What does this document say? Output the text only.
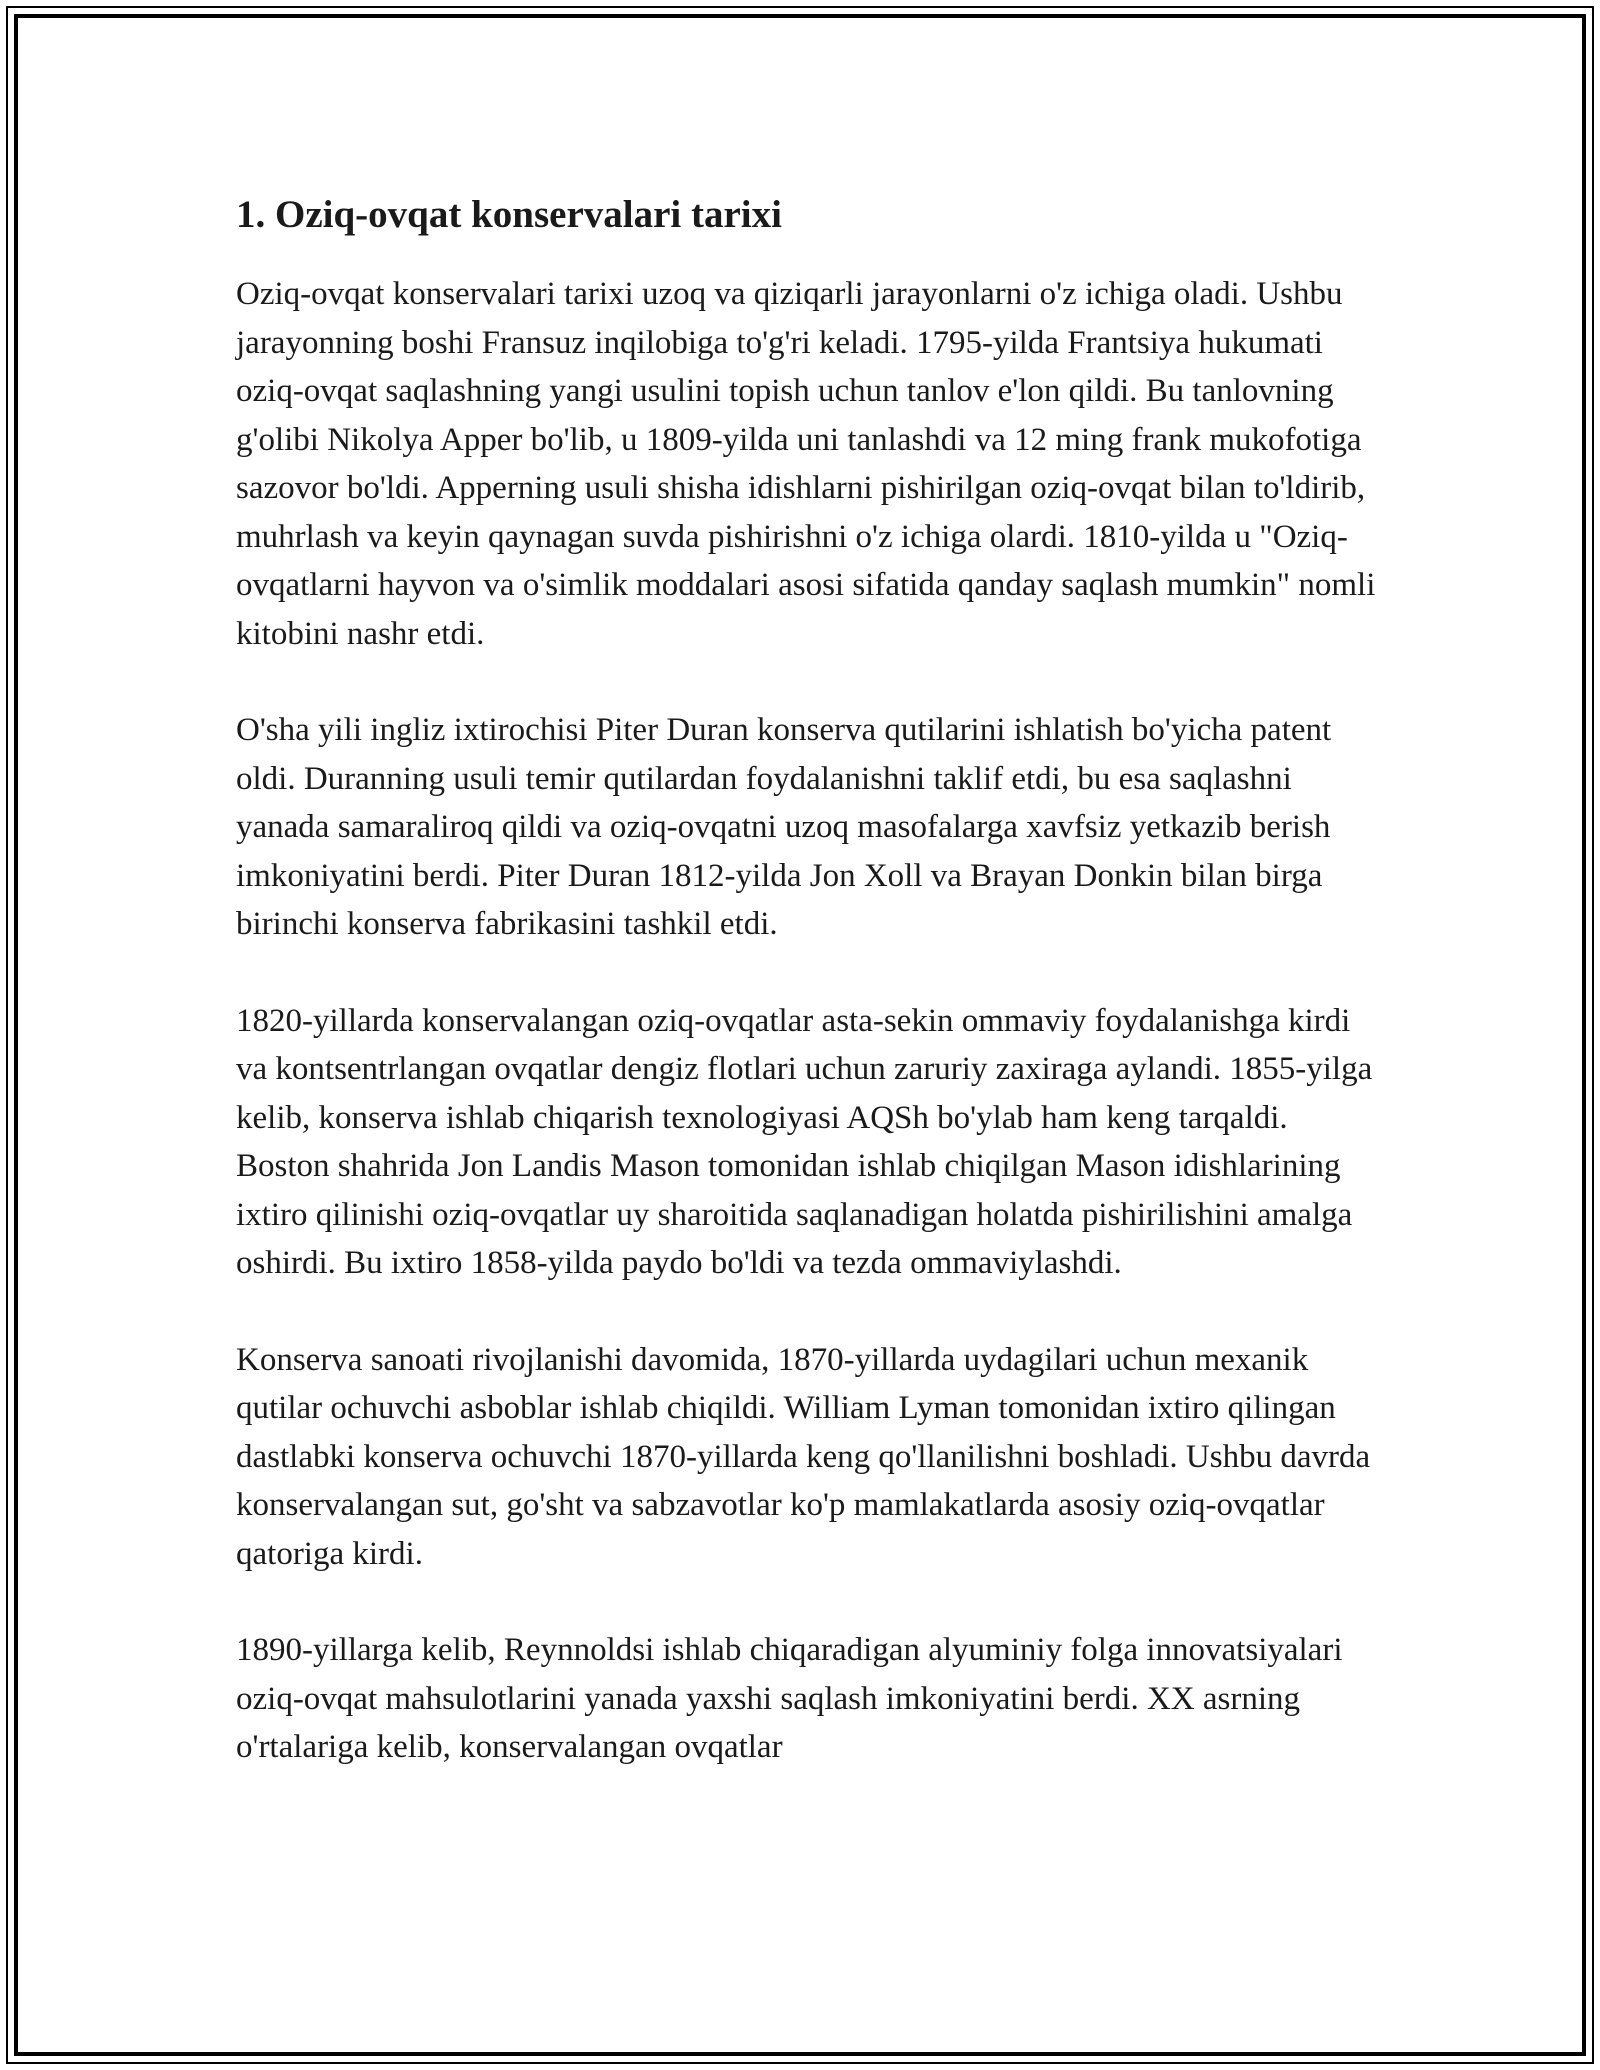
1. Oziq-ovqat konservalari tarixi

Oziq-ovqat konservalari tarixi uzoq va qiziqarli jarayonlarni o'z ichiga oladi. Ushbu jarayonning boshi Fransuz inqilobiga to'g'ri keladi. 1795-yilda Frantsiya hukumati oziq-ovqat saqlashning yangi usulini topish uchun tanlov e'lon qildi. Bu tanlovning g'olibi Nikolya Apper bo'lib, u 1809-yilda uni tanlashdi va 12 ming frank mukofotiga sazovor bo'ldi. Apperning usuli shisha idishlarni pishirilgan oziq-ovqat bilan to'ldirib, muhrlash va keyin qaynagan suvda pishirishni o'z ichiga olardi. 1810-yilda u "Oziq-ovqatlarni hayvon va o'simlik moddalari asosi sifatida qanday saqlash mumkin" nomli kitobini nashr etdi.

O'sha yili ingliz ixtirochisi Piter Duran konserva qutilarini ishlatish bo'yicha patent oldi. Duranning usuli temir qutilardan foydalanishni taklif etdi, bu esa saqlashni yanada samaraliroq qildi va oziq-ovqatni uzoq masofalarga xavfsiz yetkazib berish imkoniyatini berdi. Piter Duran 1812-yilda Jon Xoll va Brayan Donkin bilan birga birinchi konserva fabrikasini tashkil etdi.

1820-yillarda konservalangan oziq-ovqatlar asta-sekin ommaviy foydalanishga kirdi va kontsentrlangan ovqatlar dengiz flotlari uchun zaruriy zaxiraga aylandi. 1855-yilga kelib, konserva ishlab chiqarish texnologiyasi AQSh bo'ylab ham keng tarqaldi. Boston shahrida Jon Landis Mason tomonidan ishlab chiqilgan Mason idishlarining ixtiro qilinishi oziq-ovqatlar uy sharoitida saqlanadigan holatda pishirilishini amalga oshirdi. Bu ixtiro 1858-yilda paydo bo'ldi va tezda ommaviylashdi.

Konserva sanoati rivojlanishi davomida, 1870-yillarda uydagilari uchun mexanik qutilar ochuvchi asboblar ishlab chiqildi. William Lyman tomonidan ixtiro qilingan dastlabki konserva ochuvchi 1870-yillarda keng qo'llanilishni boshladi. Ushbu davrda konservalangan sut, go'sht va sabzavotlar ko'p mamlakatlarda asosiy oziq-ovqatlar qatoriga kirdi.

1890-yillarga kelib, Reynnoldsi ishlab chiqaradigan alyuminiy folga innovatsiyalari oziq-ovqat mahsulotlarini yanada yaxshi saqlash imkoniyatini berdi. XX asrning o'rtalariga kelib, konservalangan ovqatlar
